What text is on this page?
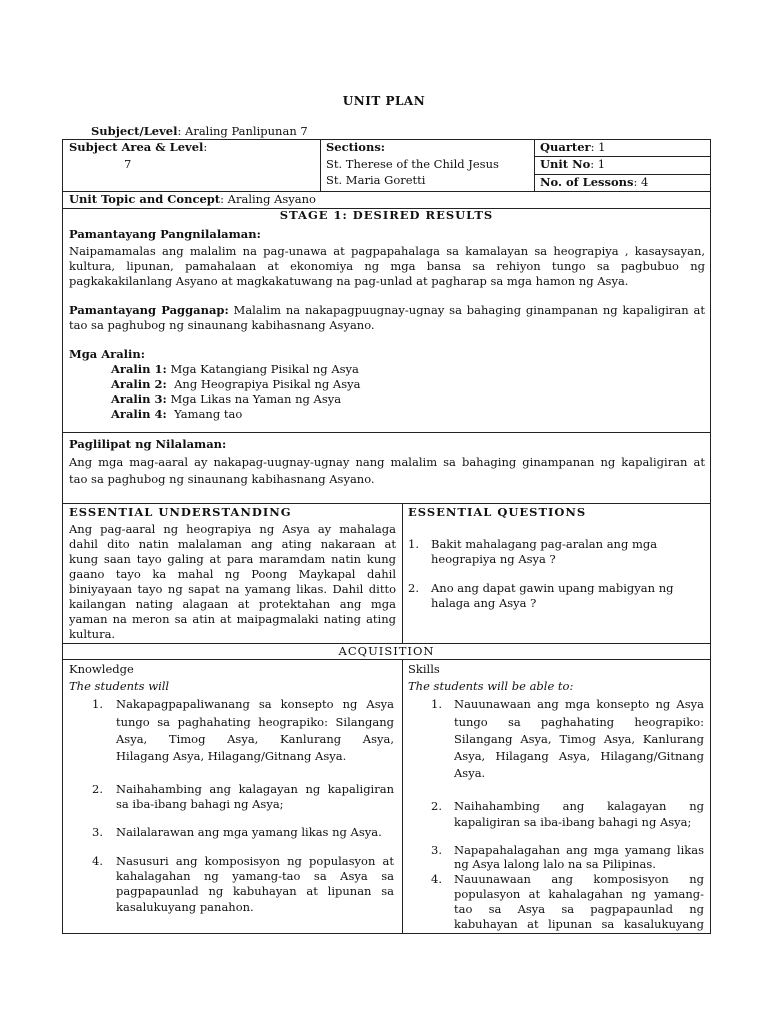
UNIT PLAN
Subject/Level: Araling Panlipunan 7
Subject Area & Level:
7
Sections:
St. Therese of the Child Jesus
St. Maria Goretti
Quarter: 1
Unit No: 1
No. of Lessons: 4
Unit Topic and Concept: Araling Asyano
STAGE 1: DESIRED RESULTS
Pamantayang Pangnilalaman:
Naipamamalas ang malalim na pag-unawa at pagpapahalaga sa kamalayan sa heograpiya , kasaysayan,
kultura, lipunan, pamahalaan at ekonomiya ng mga bansa sa rehiyon tungo sa pagbubuo ng
pagkakakilanlang Asyano at magkakatuwang na pag-unlad at pagharap sa mga hamon ng Asya.
Pamantayang Pagganap: Malalim na nakapagpuugnay-ugnay sa bahaging ginampanan ng kapaligiran at
tao sa paghubog ng sinaunang kabihasnang Asyano.
Mga Aralin:
Aralin 1: Mga Katangiang Pisikal ng Asya
Aralin 2:  Ang Heograpiya Pisikal ng Asya
Aralin 3: Mga Likas na Yaman ng Asya
Aralin 4:  Yamang tao
Paglilipat ng Nilalaman:
Ang mga mag-aaral ay nakapag-uugnay-ugnay nang malalim sa bahaging ginampanan ng kapaligiran at
tao sa paghubog ng sinaunang kabihasnang Asyano.
ESSENTIAL UNDERSTANDING
Ang pag-aaral ng heograpiya ng Asya ay mahalaga
dahil dito natin malalaman ang ating nakaraan at
kung saan tayo galing at para maramdam natin kung
gaano tayo ka mahal ng Poong Maykapal dahil
biniyayaan tayo ng sapat na yamang likas. Dahil ditto
kailangan nating alagaan at protektahan ang mga
yaman na meron sa atin at maipagmalaki nating ating
kultura.
ESSENTIAL QUESTIONS
1. Bakit mahalagang pag-aralan ang mga
heograpiya ng Asya ?
2. Ano ang dapat gawin upang mabigyan ng
halaga ang Asya ?
ACQUISITION
Knowledge
The students will
1. Nakapagpapaliwanang sa konsepto ng Asya
tungo sa paghahating heograpiko: Silangang
Asya, Timog Asya, Kanlurang Asya,
Hilagang Asya, Hilagang/Gitnang Asya.
2. Naihahambing ang kalagayan ng kapaligiran
sa iba-ibang bahagi ng Asya;
3. Nailalarawan ang mga yamang likas ng Asya.
4. Nasusuri ang komposisyon ng populasyon at
kahalagahan ng yamang-tao sa Asya sa
pagpapaunlad ng kabuhayan at lipunan sa
kasalukuyang panahon.
Skills
The students will be able to:
1. Nauunawaan ang mga konsepto ng Asya
tungo sa paghahating heograpiko:
Silangang Asya, Timog Asya, Kanlurang
Asya, Hilagang Asya, Hilagang/Gitnang
Asya.
2. Naihahambing ang kalagayan ng
kapaligiran sa iba-ibang bahagi ng Asya;
3. Napapahalagahan ang mga yamang likas
ng Asya lalong lalo na sa Pilipinas.
4. Nauunawaan ang komposisyon ng
populasyon at kahalagahan ng yamang-
tao sa Asya sa pagpapaunlad ng
kabuhayan at lipunan sa kasalukuyang
